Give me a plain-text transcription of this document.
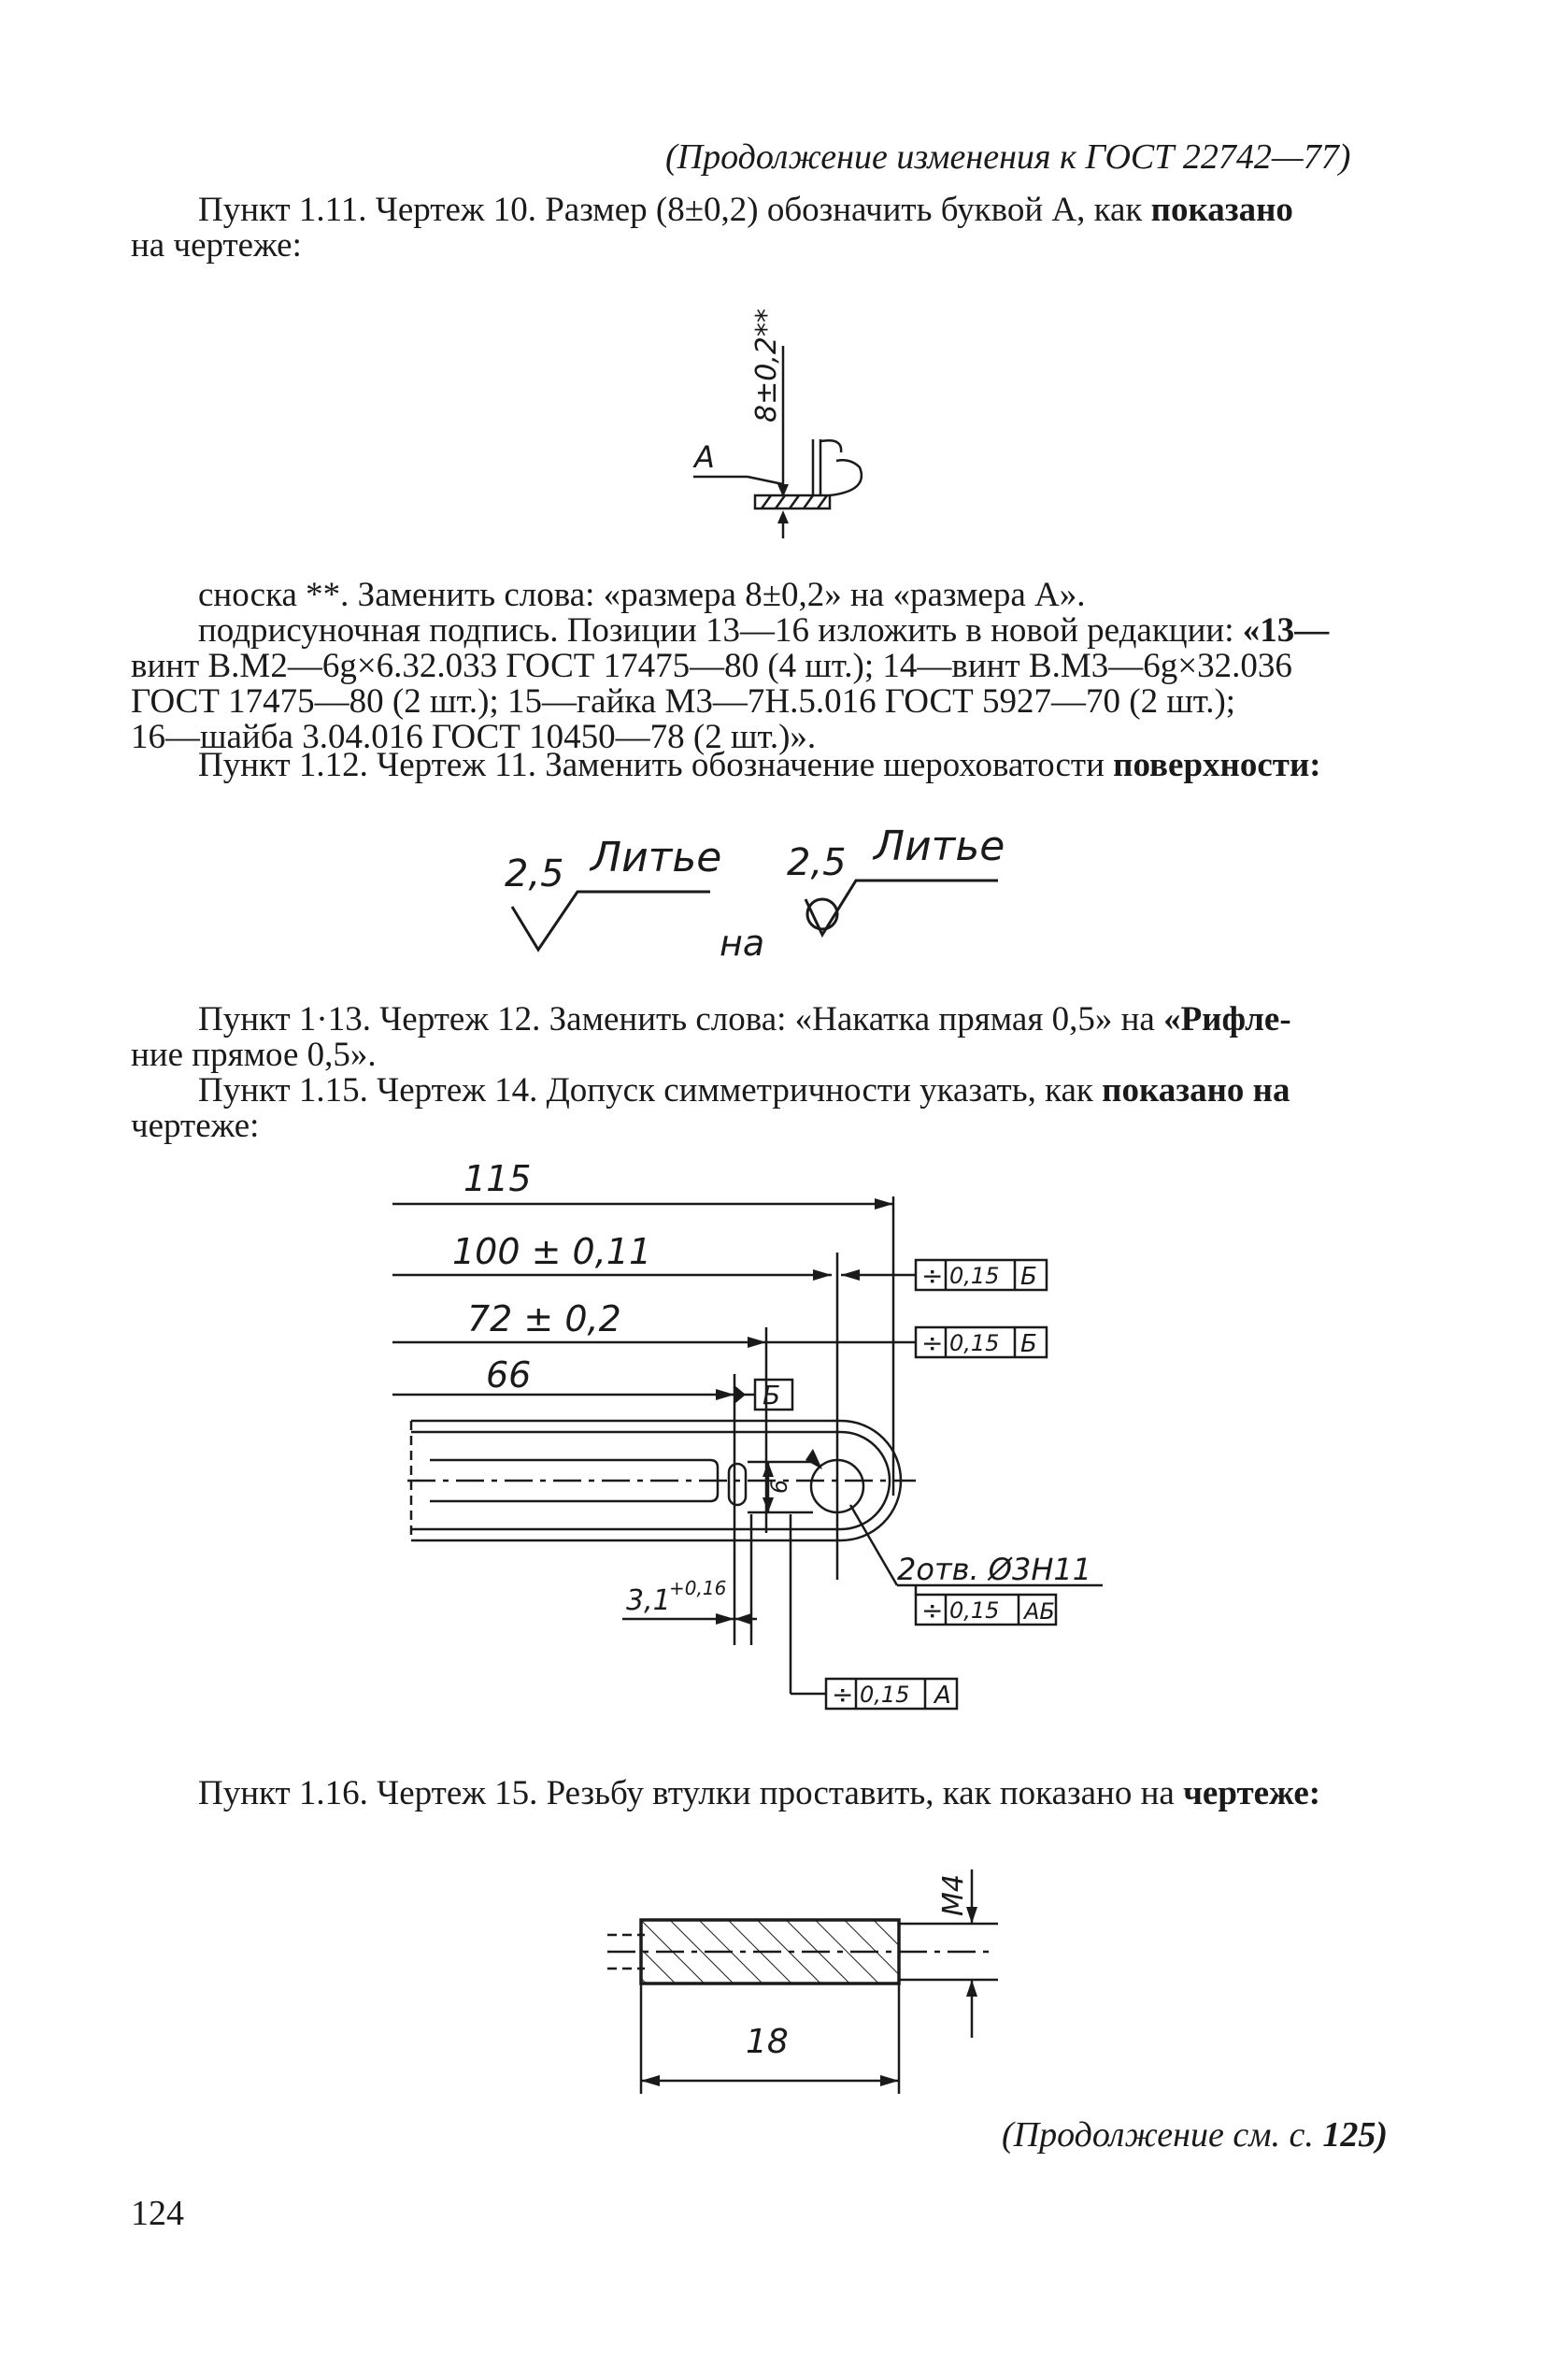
(Продолжение изменения к ГОСТ 22742—77)
Пункт 1.11. Чертеж 10. Размер (8±0,2) обозначить буквой А, как показано
на чертеже:
8±0,2**
А
сноска **. Заменить слова: «размера 8±0,2» на «размера А».
подрисуночная подпись. Позиции 13—16 изложить в новой редакции: «13—
винт В.М2—6g×6.32.033 ГОСТ 17475—80 (4 шт.); 14—винт В.М3—6g×32.036
ГОСТ 17475—80 (2 шт.); 15—гайка М3—7Н.5.016 ГОСТ 5927—70 (2 шт.);
16—шайба 3.04.016 ГОСТ 10450—78 (2 шт.)».
Пункт 1.12. Чертеж 11. Заменить обозначение шероховатости поверхности:
2,5 Литье
на
2,5 Литье
Пункт 1·13. Чертеж 12. Заменить слова: «Накатка прямая 0,5» на «Рифле-
ние прямое 0,5».
Пункт 1.15. Чертеж 14. Допуск симметричности указать, как показано на
чертеже:
115
100 ± 0,11
72 ± 0,2
66	Б
÷ 0,15 Б
÷ 0,15 Б
6
2отв. Ø3Н11
÷ 0,15 АБ
3,1
+0,16
÷ 0,15 А
Пункт 1.16. Чертеж 15. Резьбу втулки проставить, как показано на чертеже:
М4
18
(Продолжение см. с. 125)
124
